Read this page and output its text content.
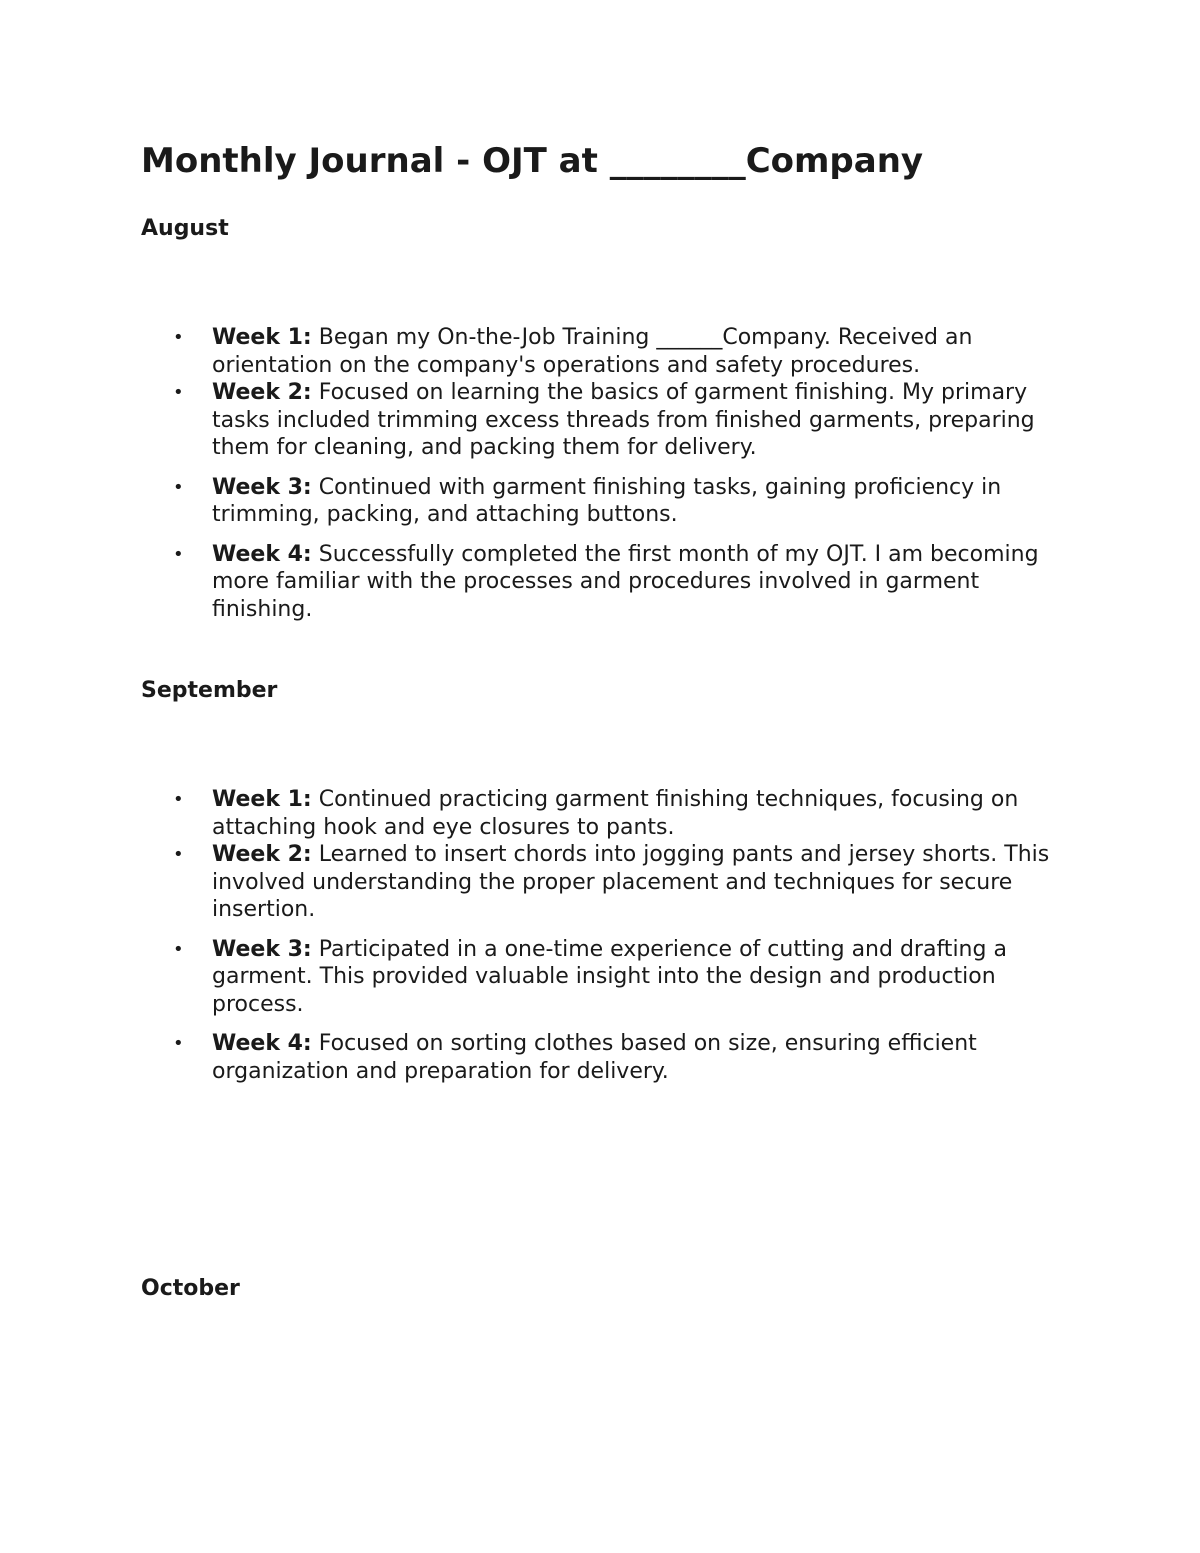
Monthly Journal - OJT at ________Company
August
• Week 1: Began my On-the-Job Training ______Company. Received an orientation on the company's operations and safety procedures.
• Week 2: Focused on learning the basics of garment finishing. My primary tasks included trimming excess threads from finished garments, preparing them for cleaning, and packing them for delivery.
• Week 3: Continued with garment finishing tasks, gaining proficiency in trimming, packing, and attaching buttons.
• Week 4: Successfully completed the first month of my OJT. I am becoming more familiar with the processes and procedures involved in garment finishing.
September
• Week 1: Continued practicing garment finishing techniques, focusing on attaching hook and eye closures to pants.
• Week 2: Learned to insert chords into jogging pants and jersey shorts. This involved understanding the proper placement and techniques for secure insertion.
• Week 3: Participated in a one-time experience of cutting and drafting a garment. This provided valuable insight into the design and production process.
• Week 4: Focused on sorting clothes based on size, ensuring efficient organization and preparation for delivery.
October
